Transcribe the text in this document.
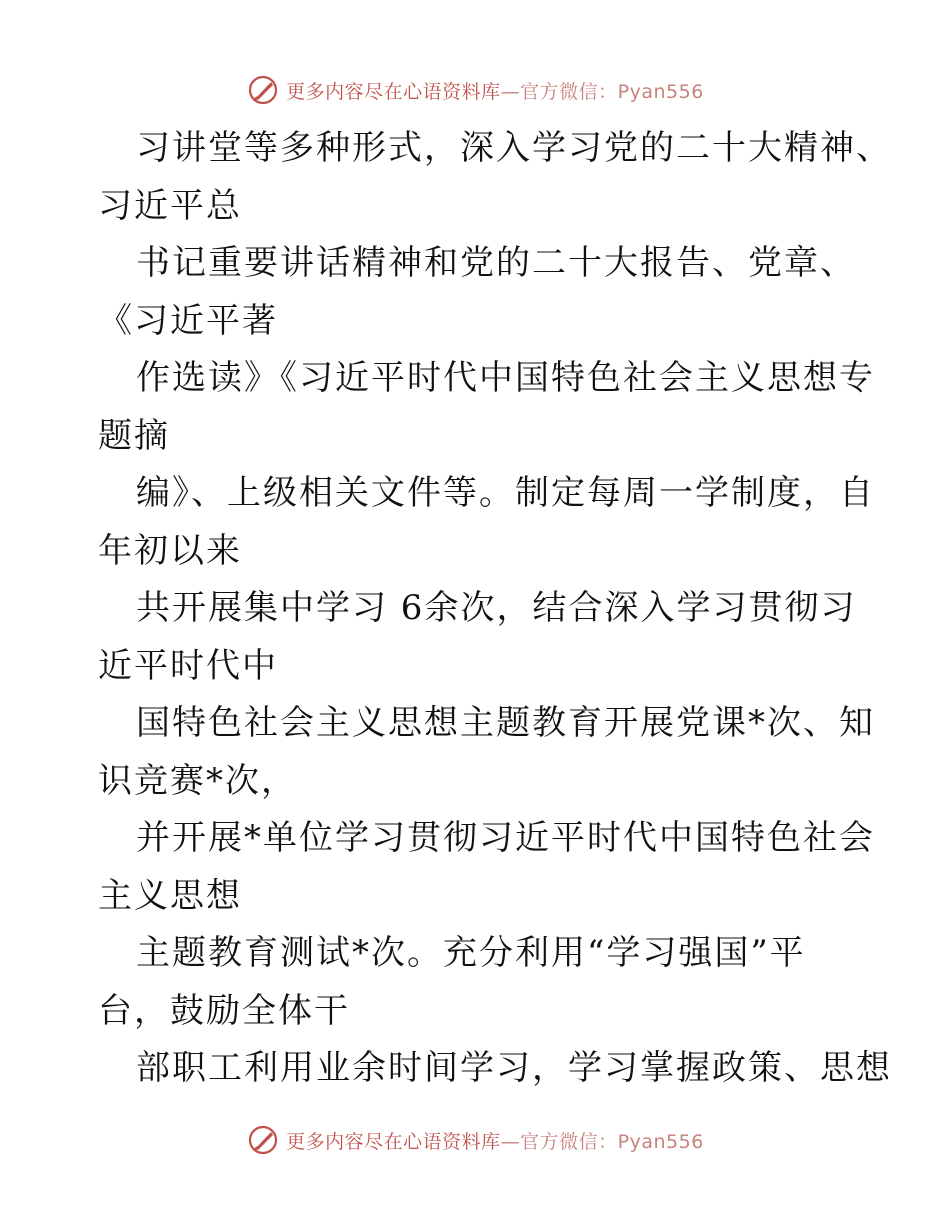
更多内容尽在心语资料库—官方微信：Pyan556
习讲堂等多种形式，深入学习党的二十大精神、
习近平总
书记重要讲话精神和党的二十大报告、党章、
《习近平著
作选读》《习近平时代中国特色社会主义思想专
题摘
编》、上级相关文件等。制定每周一学制度，自
年初以来
共开展集中学习 6余次，结合深入学习贯彻习
近平时代中
国特色社会主义思想主题教育开展党课*次、知
识竞赛*次，
并开展*单位学习贯彻习近平时代中国特色社会
主义思想
主题教育测试*次。充分利用“学习强国”平
台，鼓励全体干
部职工利用业余时间学习，学习掌握政策、思想
更多内容尽在心语资料库—官方微信：Pyan556
